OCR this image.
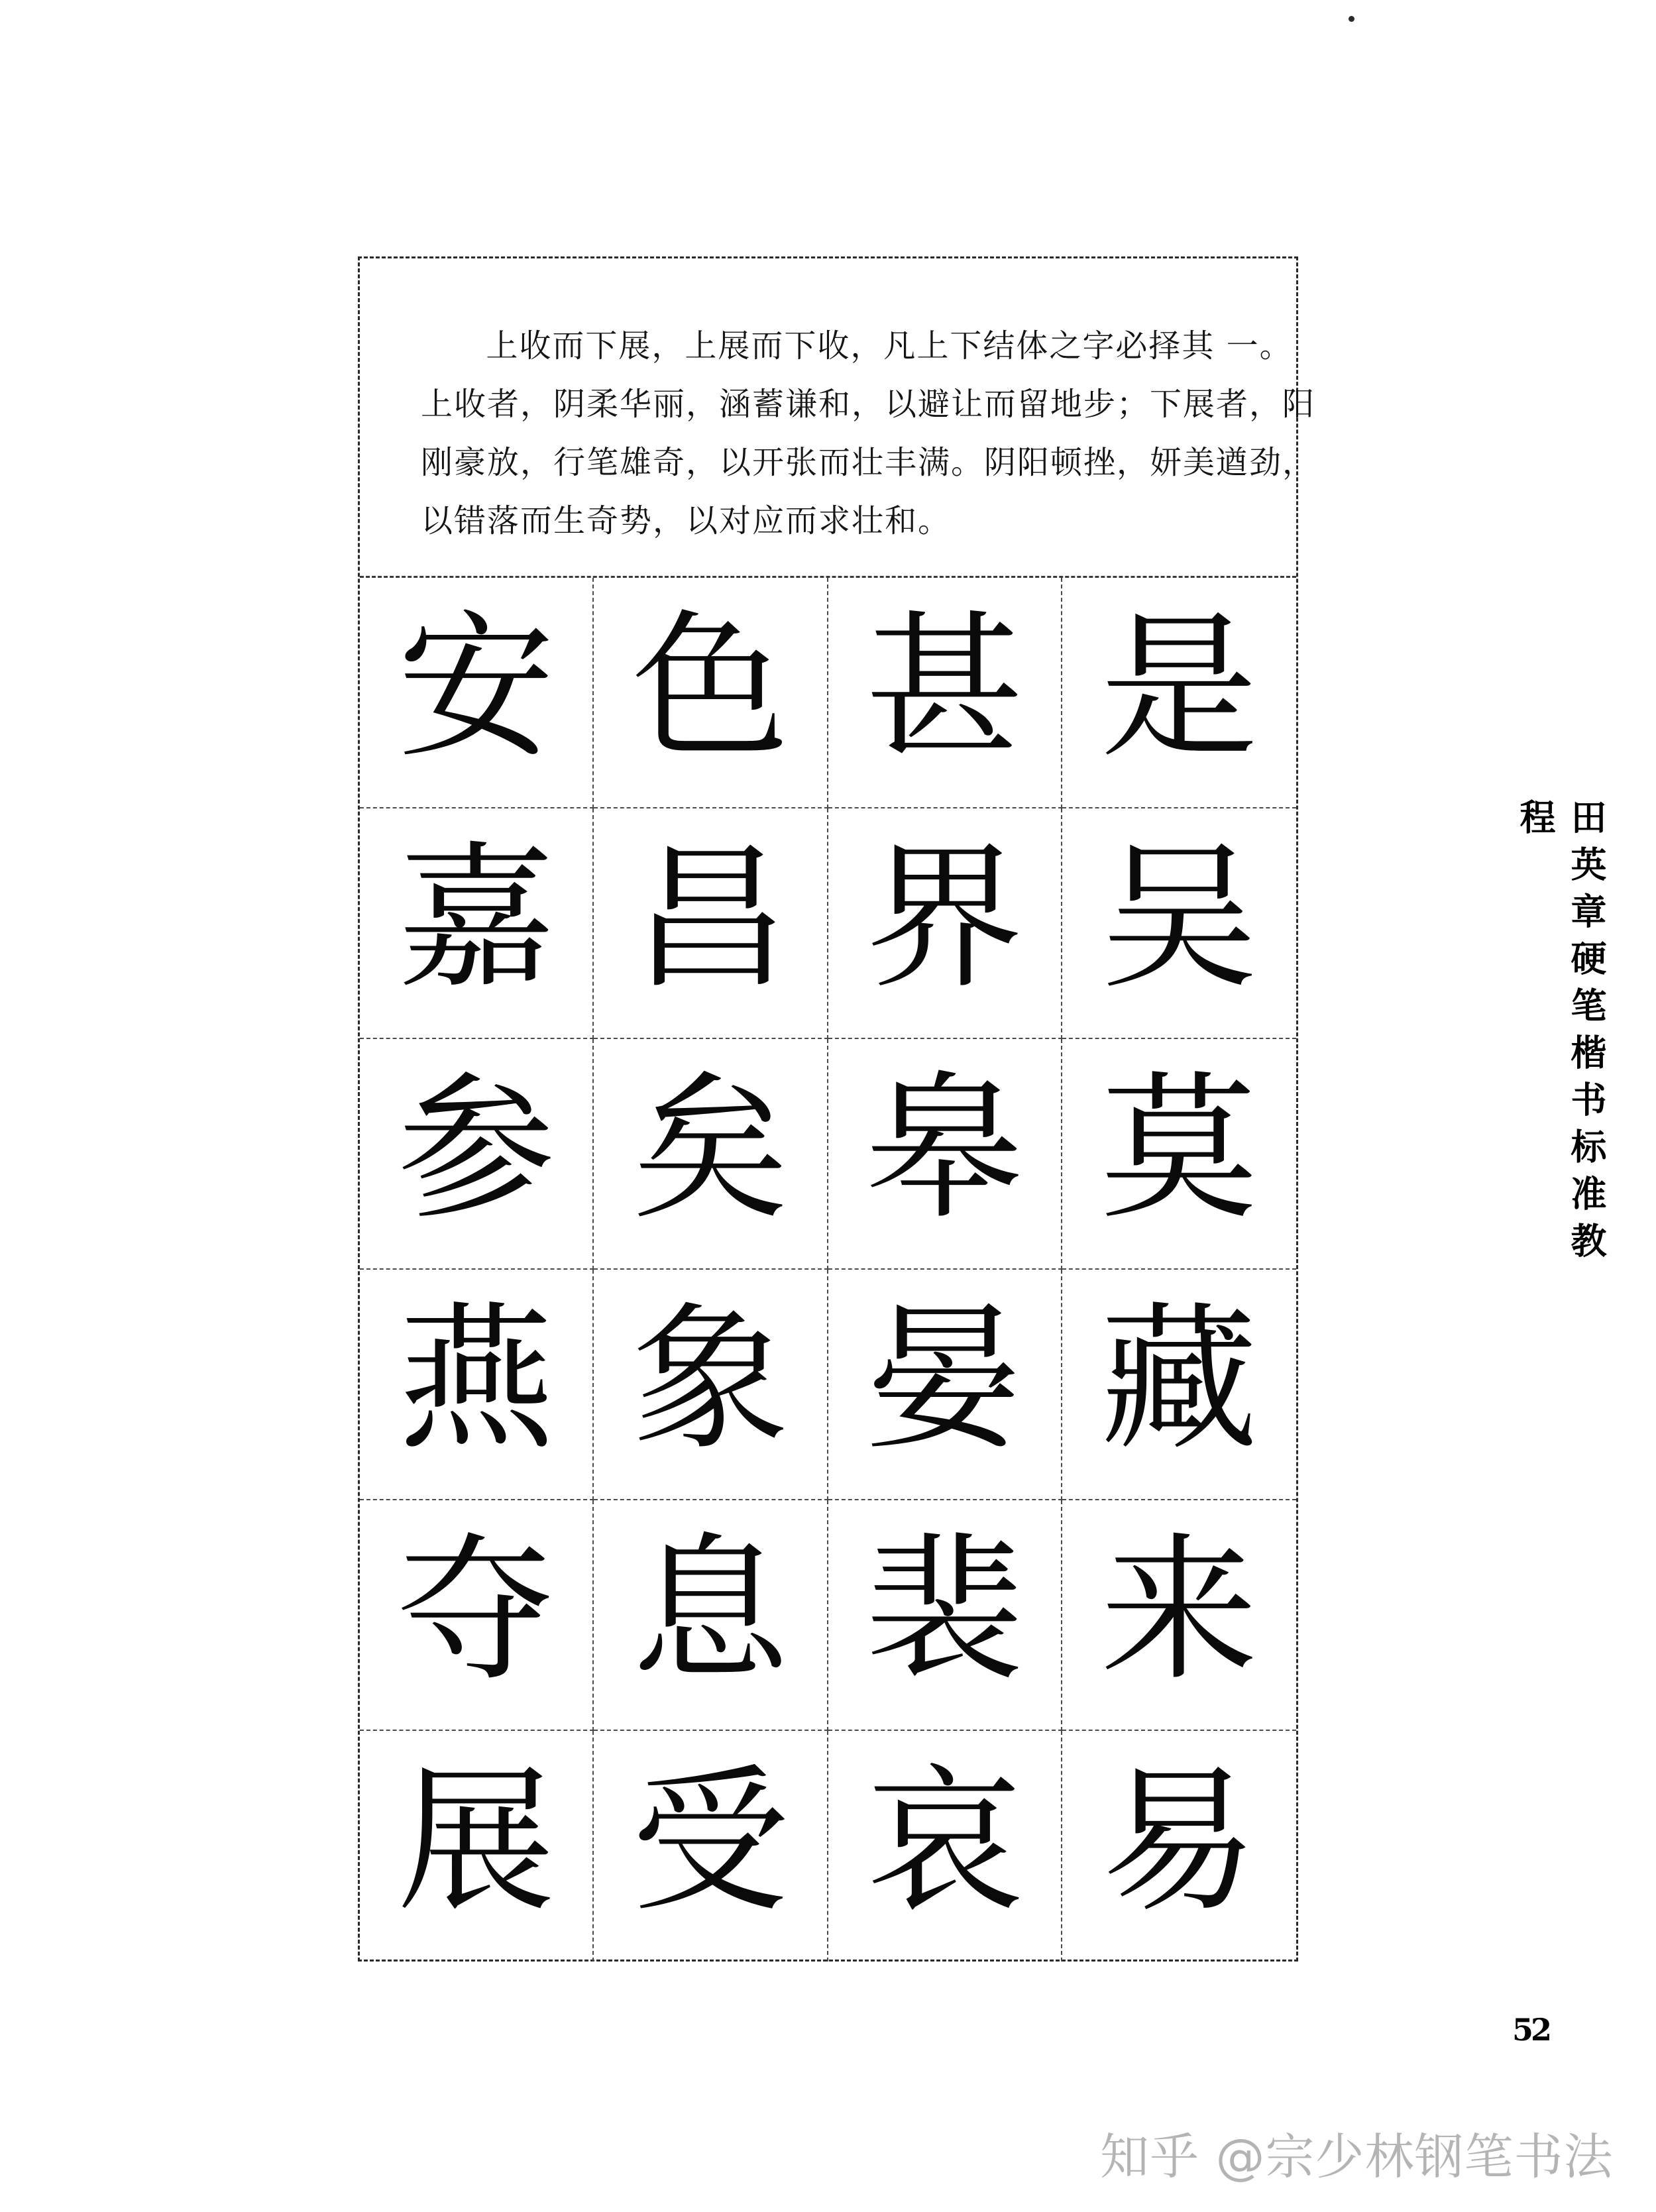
上收而下展，上展而下收，凡上下结体之字必择其 一。

上收者，阴柔华丽，涵蓄谦和，以避让而留地步；下展者，阳

刚豪放，行笔雄奇，以开张而壮丰满。阴阳顿挫，妍美遒劲，

以错落而生奇势，以对应而求壮和。

安 色 甚 是
嘉 昌 界 吴
参 矣 皋 莫
燕 象 晏 藏
夺 息 裴 来
展 受 哀 易
田英章硬笔楷书标准教程
52
知乎 @宗少林钢笔书法
